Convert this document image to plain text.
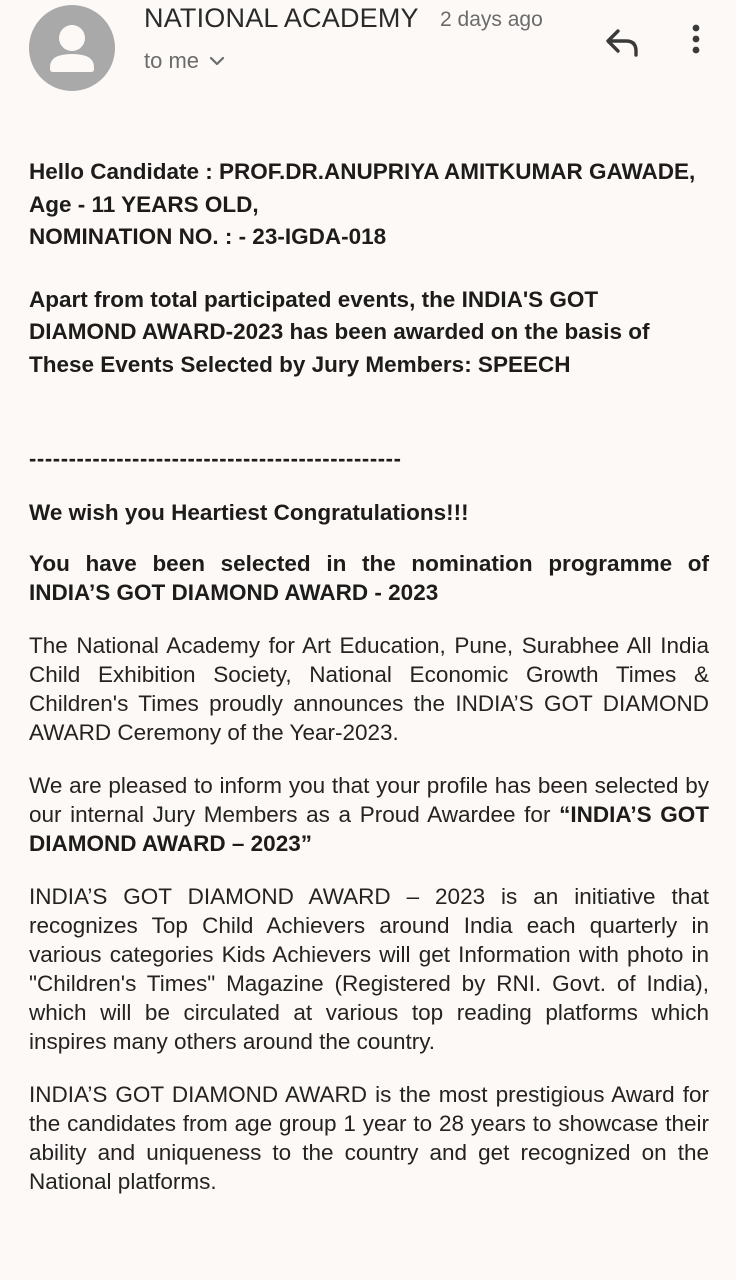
NATIONAL ACADEMY 2 days ago
to me

Hello Candidate : PROF.DR.ANUPRIYA AMITKUMAR GAWADE,

Age - 11 YEARS OLD,

NOMINATION NO. : - 23-IGDA-018

Apart from total participated events, the INDIA'S GOT DIAMOND AWARD-2023 has been awarded on the basis of These Events Selected by Jury Members: SPEECH

-----------------------------------------------
We wish you Heartiest Congratulations!!!
You have been selected in the nomination programme of INDIA’S GOT DIAMOND AWARD - 2023
The National Academy for Art Education, Pune, Surabhee All India Child Exhibition Society, National Economic Growth Times & Children's Times proudly announces the INDIA’S GOT DIAMOND AWARD Ceremony of the Year-2023.
We are pleased to inform you that your profile has been selected by our internal Jury Members as a Proud Awardee for “INDIA’S GOT DIAMOND AWARD – 2023”
INDIA’S GOT DIAMOND AWARD – 2023 is an initiative that recognizes Top Child Achievers around India each quarterly in various categories Kids Achievers will get Information with photo in "Children's Times" Magazine (Registered by RNI. Govt. of India), which will be circulated at various top reading platforms which inspires many others around the country.
INDIA’S GOT DIAMOND AWARD is the most prestigious Award for the candidates from age group 1 year to 28 years to showcase their ability and uniqueness to the country and get recognized on the National platforms.
